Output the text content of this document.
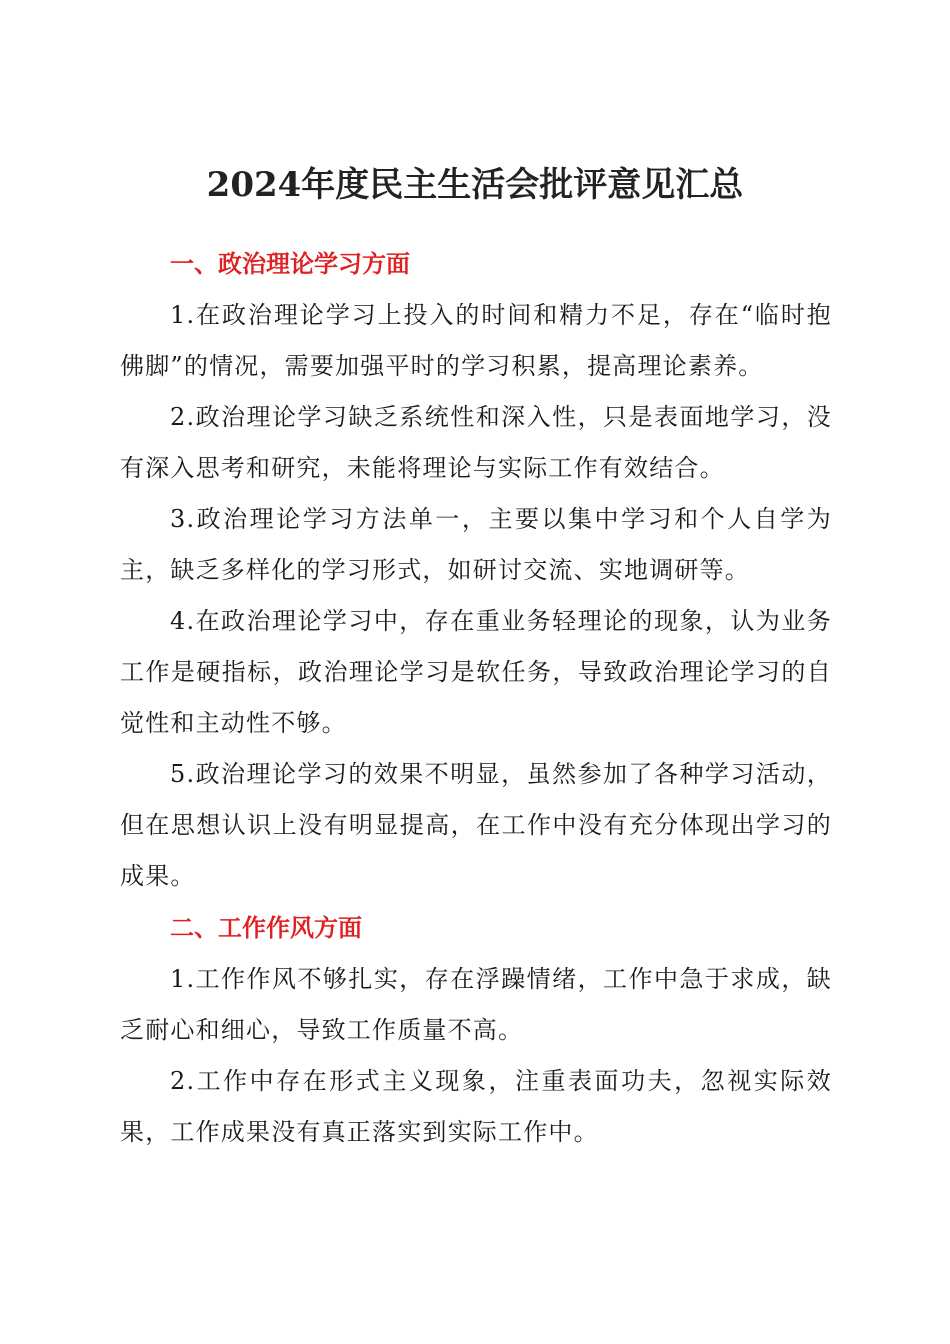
2024年度民主生活会批评意见汇总
一、政治理论学习方面

1.在政治理论学习上投入的时间和精力不足，存在“临时抱佛脚”的情况，需要加强平时的学习积累，提高理论素养。

2.政治理论学习缺乏系统性和深入性，只是表面地学习，没有深入思考和研究，未能将理论与实际工作有效结合。

3.政治理论学习方法单一，主要以集中学习和个人自学为主，缺乏多样化的学习形式，如研讨交流、实地调研等。

4.在政治理论学习中，存在重业务轻理论的现象，认为业务工作是硬指标，政治理论学习是软任务，导致政治理论学习的自觉性和主动性不够。

5.政治理论学习的效果不明显，虽然参加了各种学习活动，但在思想认识上没有明显提高，在工作中没有充分体现出学习的成果。

二、工作作风方面

1.工作作风不够扎实，存在浮躁情绪，工作中急于求成，缺乏耐心和细心，导致工作质量不高。

2.工作中存在形式主义现象，注重表面功夫，忽视实际效果，工作成果没有真正落实到实际工作中。
